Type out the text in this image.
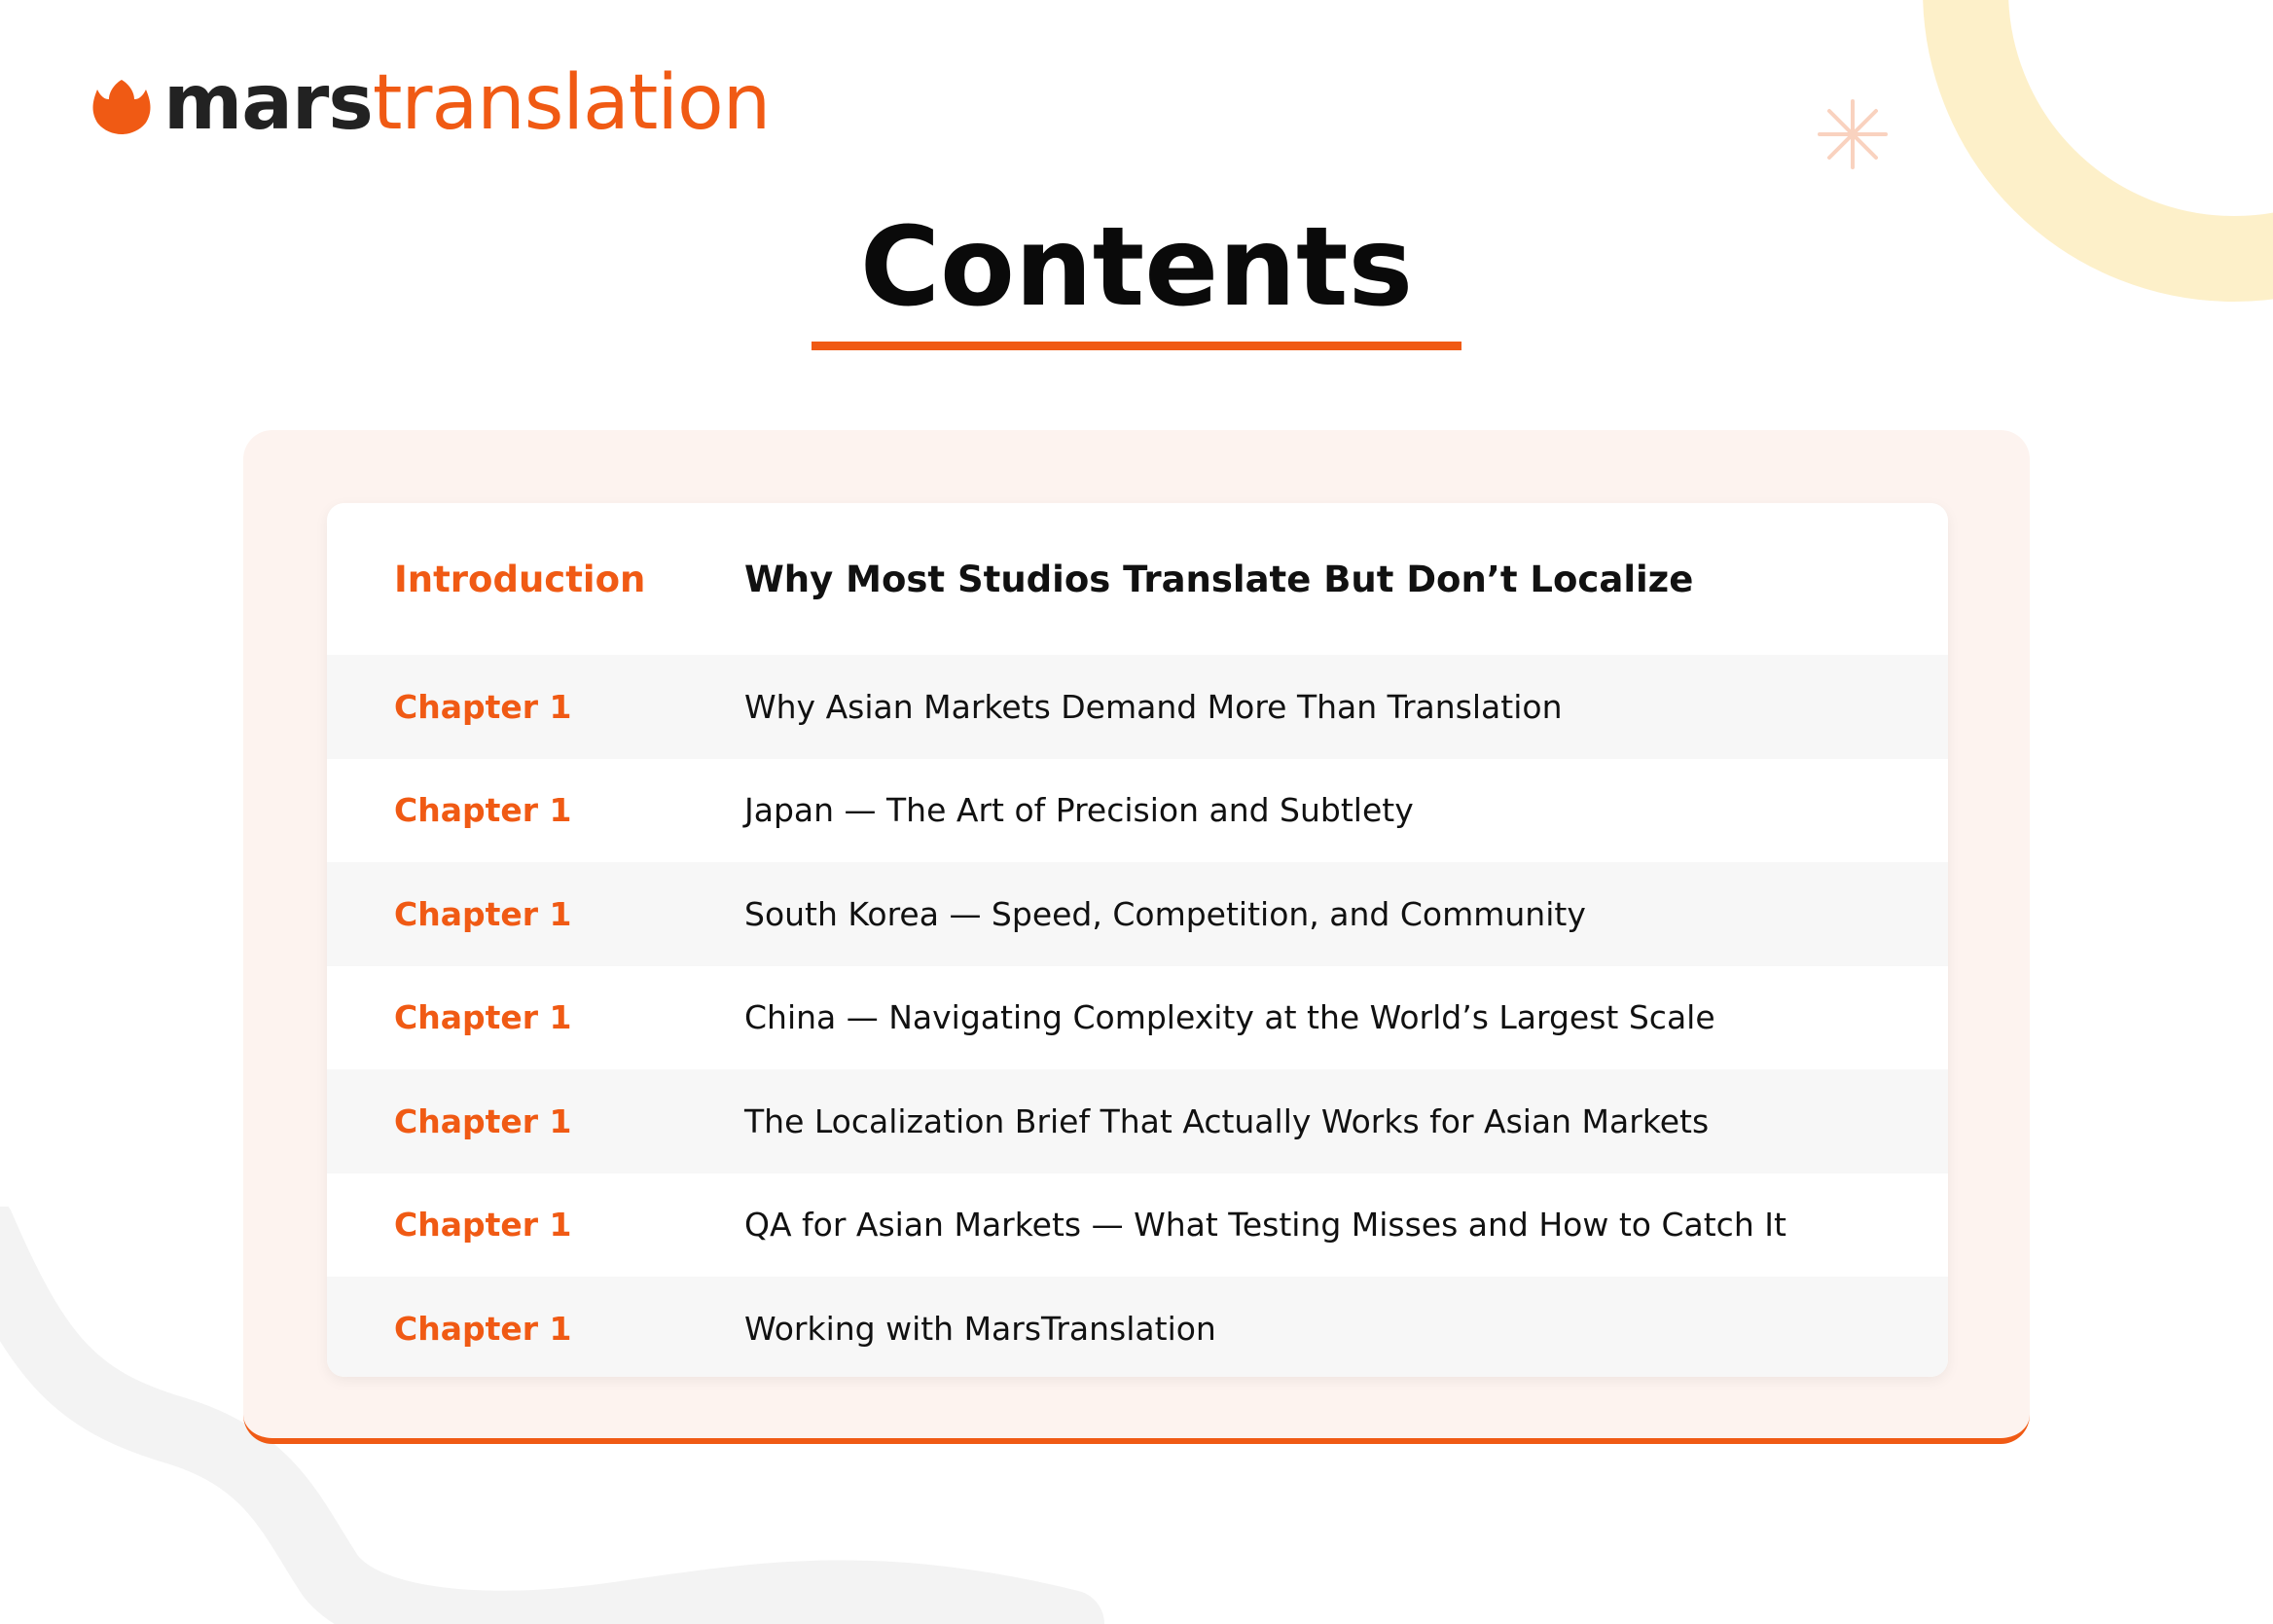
marstranslation
Contents
Introduction	Why Most Studios Translate But Don’t Localize
Chapter 1	Why Asian Markets Demand More Than Translation
Chapter 1	Japan — The Art of Precision and Subtlety
Chapter 1	South Korea — Speed, Competition, and Community
Chapter 1	China — Navigating Complexity at the World’s Largest Scale
Chapter 1	The Localization Brief That Actually Works for Asian Markets
Chapter 1	QA for Asian Markets — What Testing Misses and How to Catch It
Chapter 1	Working with MarsTranslation
